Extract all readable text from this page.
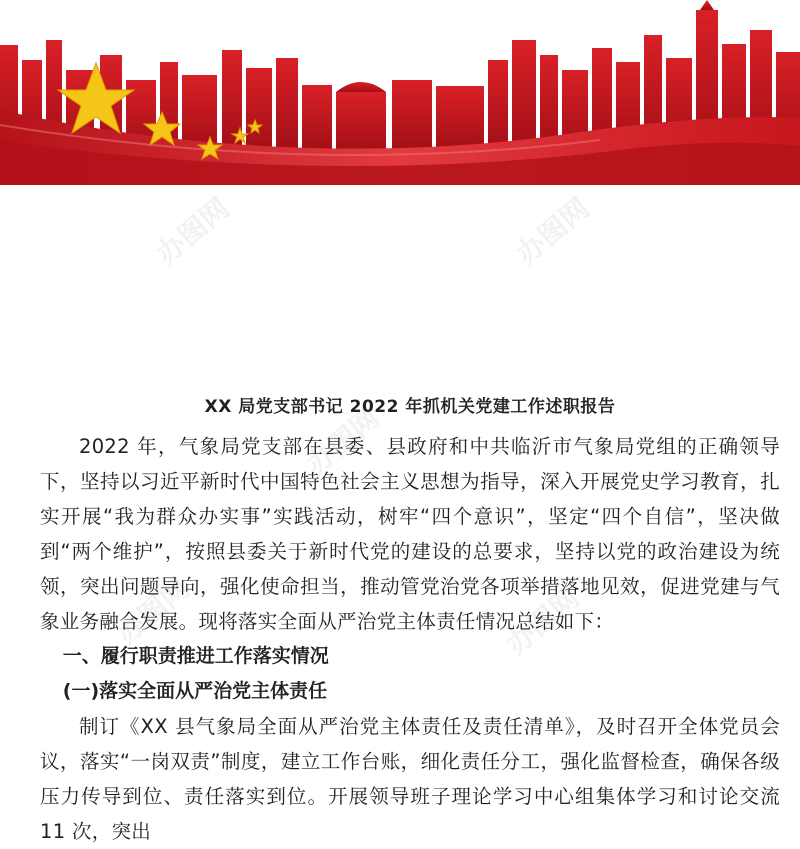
办图网	办图网
办图网
办图网	办图网
XX 局党支部书记 2022 年抓机关党建工作述职报告

2022 年，气象局党支部在县委、县政府和中共临沂市气象局党组的正确领导下，坚持以习近平新时代中国特色社会主义思想为指导，深入开展党史学习教育，扎实开展“我为群众办实事”实践活动，树牢“四个意识”，坚定“四个自信”，坚决做到“两个维护”，按照县委关于新时代党的建设的总要求，坚持以党的政治建设为统领，突出问题导向，强化使命担当，推动管党治党各项举措落地见效，促进党建与气象业务融合发展。现将落实全面从严治党主体责任情况总结如下：

一、履行职责推进工作落实情况

(一)落实全面从严治党主体责任

制订《XX 县气象局全面从严治党主体责任及责任清单》，及时召开全体党员会议，落实“一岗双责”制度，建立工作台账，细化责任分工，强化监督检查，确保各级压力传导到位、责任落实到位。开展领导班子理论学习中心组集体学习和讨论交流 11 次，突出
